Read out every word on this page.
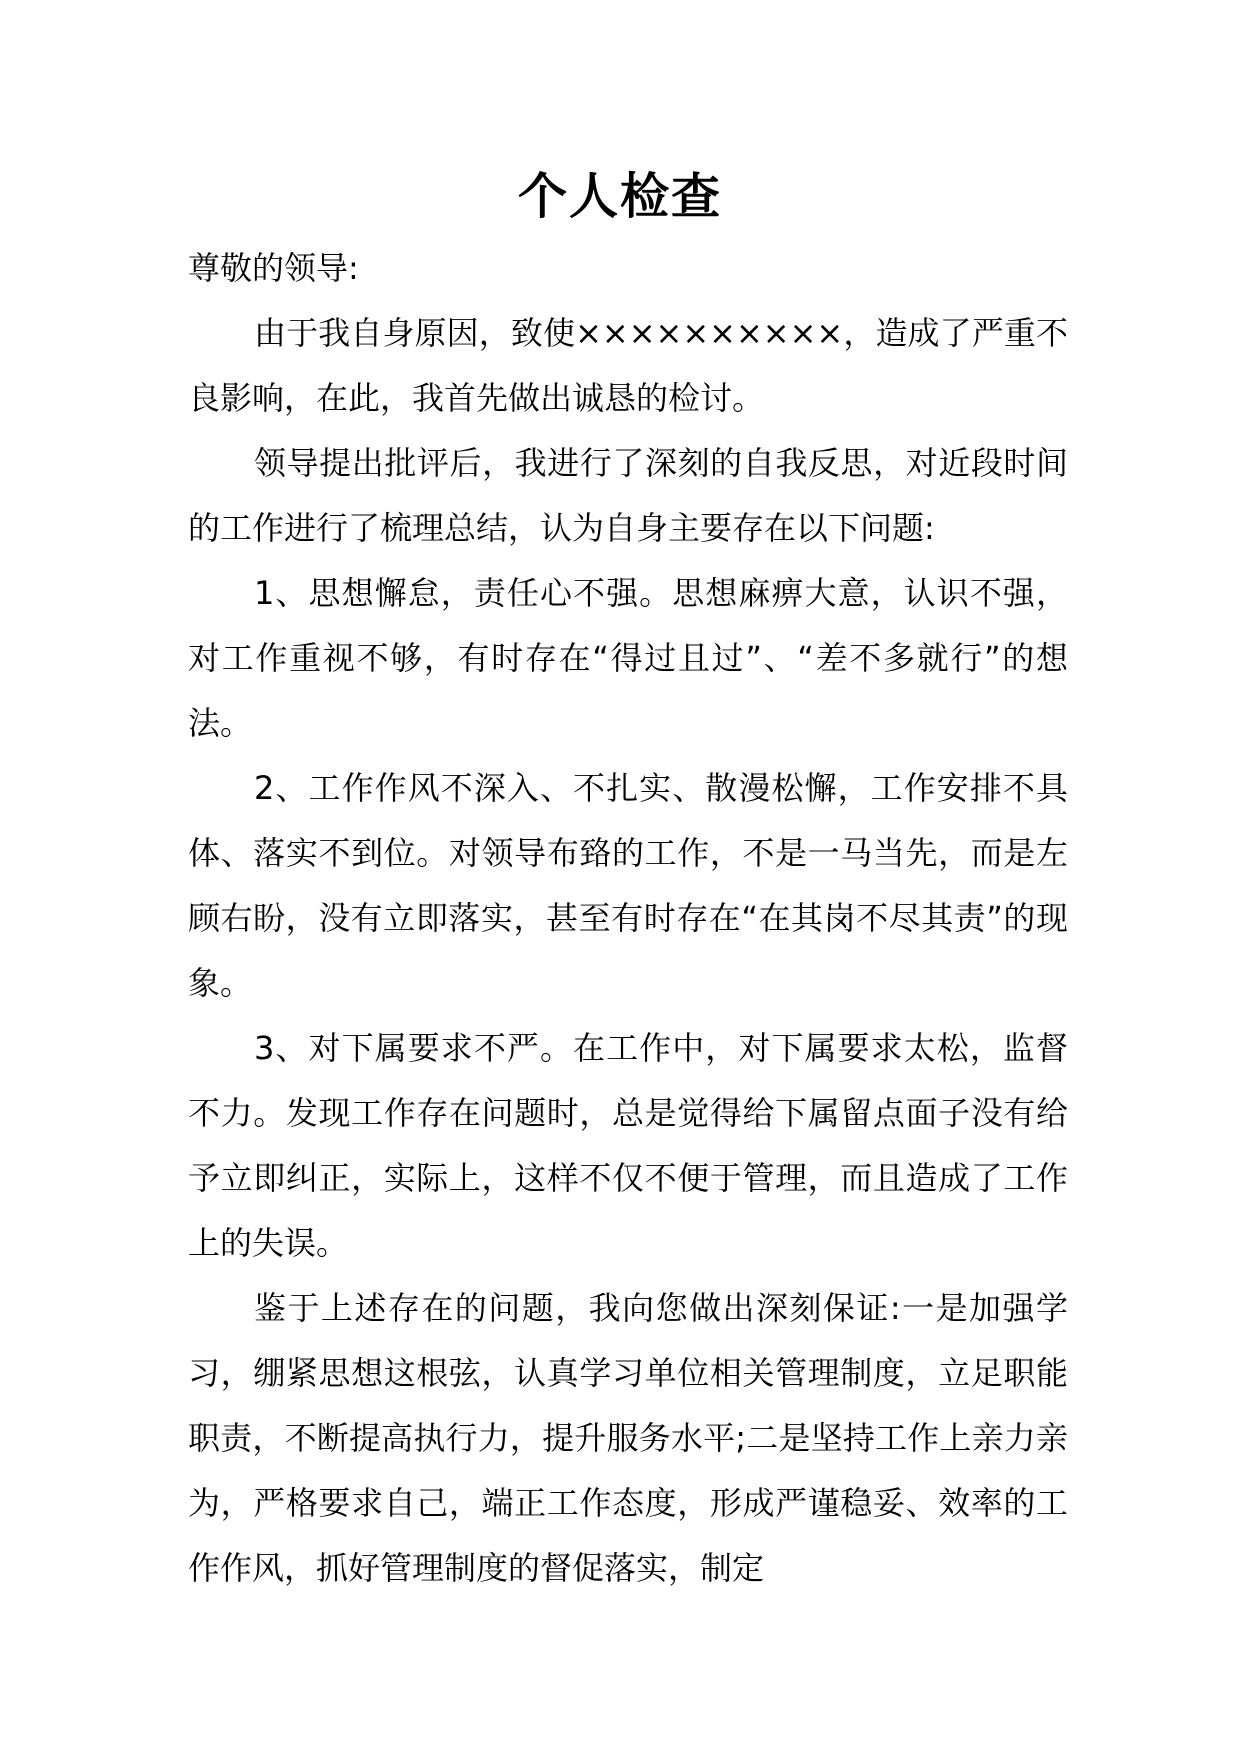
个人检查

尊敬的领导:

由于我自身原因，致使××××××××××，造成了严重不良影响，在此，我首先做出诚恳的检讨。

领导提出批评后，我进行了深刻的自我反思，对近段时间的工作进行了梳理总结，认为自身主要存在以下问题:

1、思想懈怠，责任心不强。思想麻痹大意，认识不强，对工作重视不够，有时存在“得过且过”、“差不多就行”的想法。

2、工作作风不深入、不扎实、散漫松懈，工作安排不具体、落实不到位。对领导布臵的工作，不是一马当先，而是左顾右盼，没有立即落实，甚至有时存在“在其岗不尽其责”的现象。

3、对下属要求不严。在工作中，对下属要求太松，监督不力。发现工作存在问题时，总是觉得给下属留点面子没有给予立即纠正，实际上，这样不仅不便于管理，而且造成了工作上的失误。

鉴于上述存在的问题，我向您做出深刻保证:一是加强学习，绷紧思想这根弦，认真学习单位相关管理制度，立足职能职责，不断提高执行力，提升服务水平;二是坚持工作上亲力亲为，严格要求自己，端正工作态度，形成严谨稳妥、效率的工作作风，抓好管理制度的督促落实，制定
